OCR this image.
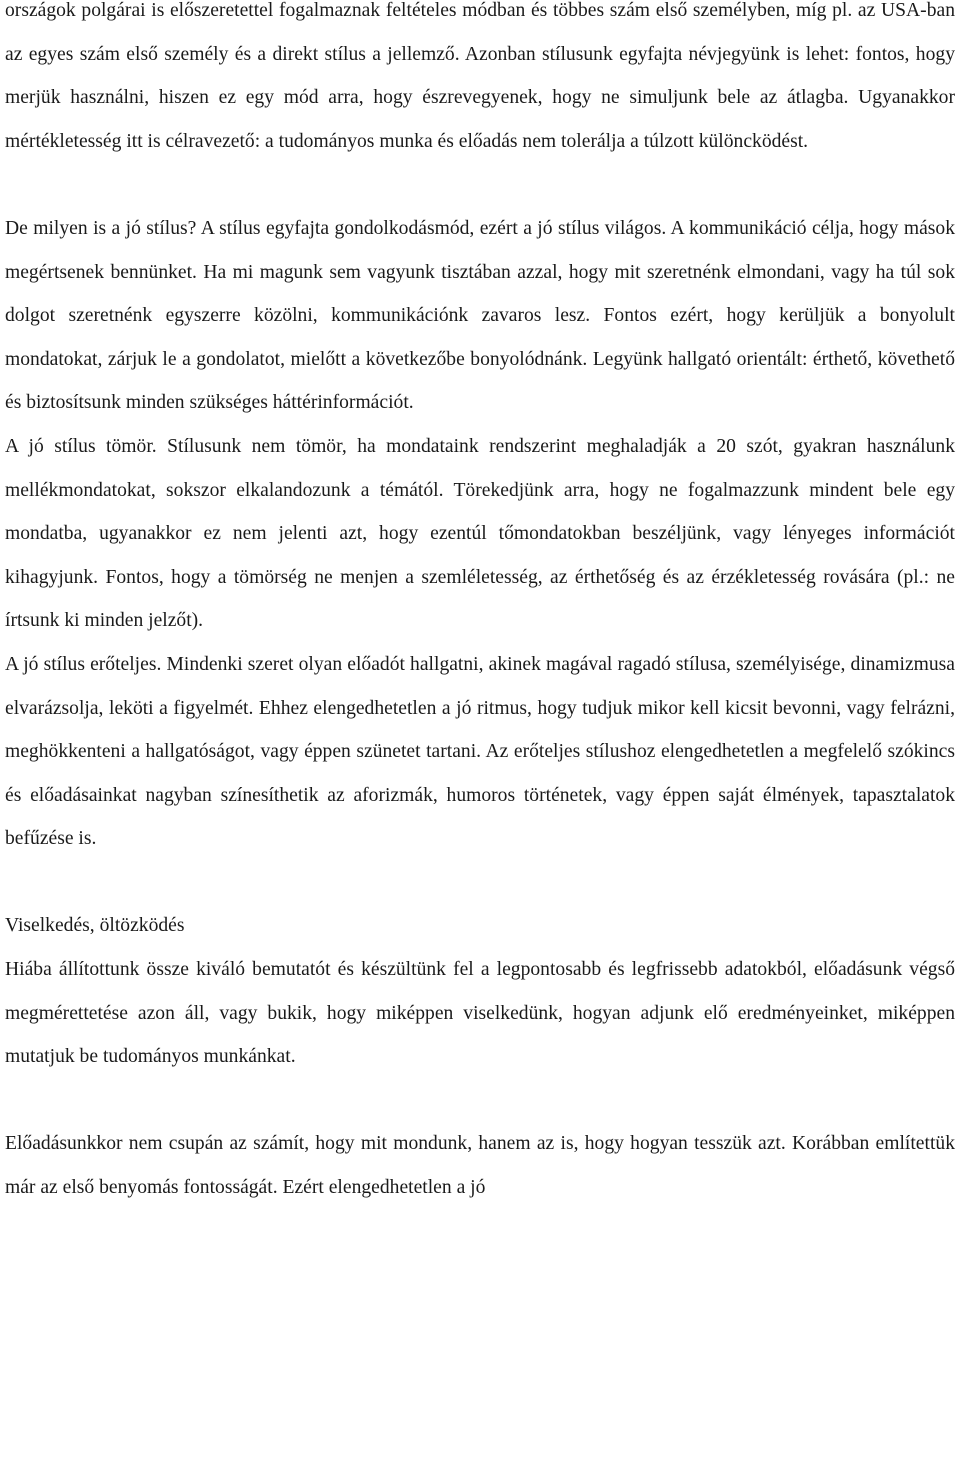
országok polgárai is előszeretettel fogalmaznak feltételes módban és többes szám első személyben, míg pl. az USA-ban az egyes szám első személy és a direkt stílus a jellemző. Azonban stílusunk egyfajta névjegyünk is lehet: fontos, hogy merjük használni, hiszen ez egy mód arra, hogy észrevegyenek, hogy ne simuljunk bele az átlagba. Ugyanakkor mértékletesség itt is célravezető: a tudományos munka és előadás nem tolerálja a túlzott különcködést.

De milyen is a jó stílus? A stílus egyfajta gondolkodásmód, ezért a jó stílus világos. A kommunikáció célja, hogy mások megértsenek bennünket. Ha mi magunk sem vagyunk tisztában azzal, hogy mit szeretnénk elmondani, vagy ha túl sok dolgot szeretnénk egyszerre közölni, kommunikációnk zavaros lesz. Fontos ezért, hogy kerüljük a bonyolult mondatokat, zárjuk le a gondolatot, mielőtt a következőbe bonyolódnánk. Legyünk hallgató orientált: érthető, követhető és biztosítsunk minden szükséges háttérinformációt.

A jó stílus tömör. Stílusunk nem tömör, ha mondataink rendszerint meghaladják a 20 szót, gyakran használunk mellékmondatokat, sokszor elkalandozunk a témától. Törekedjünk arra, hogy ne fogalmazzunk mindent bele egy mondatba, ugyanakkor ez nem jelenti azt, hogy ezentúl tőmondatokban beszéljünk, vagy lényeges információt kihagyjunk. Fontos, hogy a tömörség ne menjen a szemléletesség, az érthetőség és az érzékletesség rovására (pl.: ne írtsunk ki minden jelzőt).

A jó stílus erőteljes. Mindenki szeret olyan előadót hallgatni, akinek magával ragadó stílusa, személyisége, dinamizmusa elvarázsolja, leköti a figyelmét. Ehhez elengedhetetlen a jó ritmus, hogy tudjuk mikor kell kicsit bevonni, vagy felrázni, meghökkenteni a hallgatóságot, vagy éppen szünetet tartani. Az erőteljes stílushoz elengedhetetlen a megfelelő szókincs és előadásainkat nagyban színesíthetik az aforizmák, humoros történetek, vagy éppen saját élmények, tapasztalatok befűzése is.

Viselkedés, öltözködés

Hiába állítottunk össze kiváló bemutatót és készültünk fel a legpontosabb és legfrissebb adatokból, előadásunk végső megmérettetése azon áll, vagy bukik, hogy miképpen viselkedünk, hogyan adjunk elő eredményeinket, miképpen mutatjuk be tudományos munkánkat.

Előadásunkkor nem csupán az számít, hogy mit mondunk, hanem az is, hogy hogyan tesszük azt. Korábban említettük már az első benyomás fontosságát. Ezért elengedhetetlen a jó
